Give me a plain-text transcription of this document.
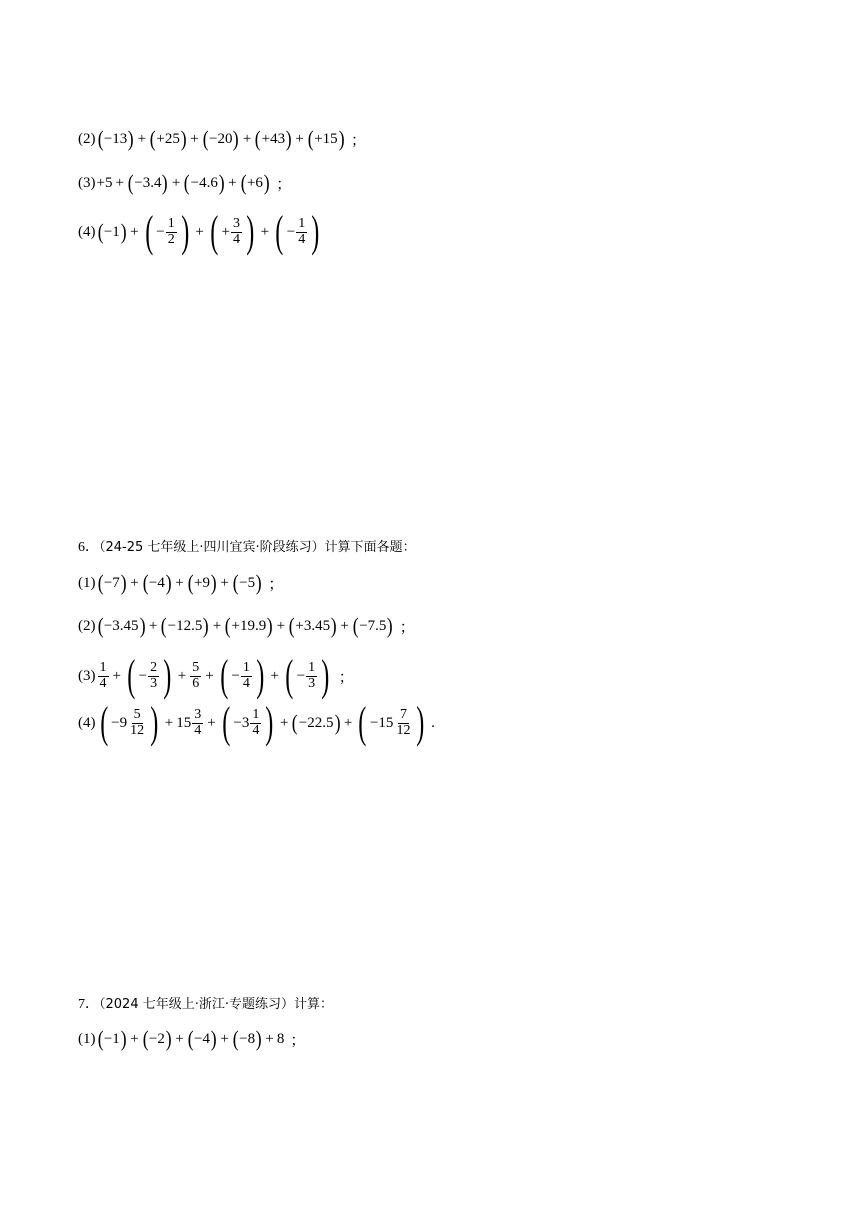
(2) ( −13 ) + ( +25 ) + ( −20 ) + ( +43 ) + ( +15 ) ；
(3) +5 + ( −3.4 ) + ( −4.6 ) + ( +6 ) ；
(4) ( −1 ) + ( − $\frac{1}{2}$ ) + ( + $\frac{3}{4}$ ) + ( − $\frac{1}{4}$ )
6．（24-25 七年级上·四川宜宾·阶段练习）计算下面各题：
(1) ( −7 ) + ( −4 ) + ( +9 ) + ( −5 ) ；
(2) ( −3.45 ) + ( −12.5 ) + ( +19.9 ) + ( +3.45 ) + ( −7.5 ) ；
$(3) \frac{1}{4}$ + ( − $\frac{2}{3}$ ) + $\frac{5}{6}$ + ( − $\frac{1}{4}$ ) + ( − $\frac{1}{3}$ ) ；
(4) ( $-9 \frac{5}{12}$ ) + $15 \frac{3}{4}$ + ( $-3 \frac{1}{4}$ ) + ( −22.5 ) + ( $-15 \frac{7}{12}$ ) .
7．（2024 七年级上·浙江·专题练习）计算：
(1) ( −1 ) + ( −2 ) + ( −4 ) + ( −8 ) + 8 ；
